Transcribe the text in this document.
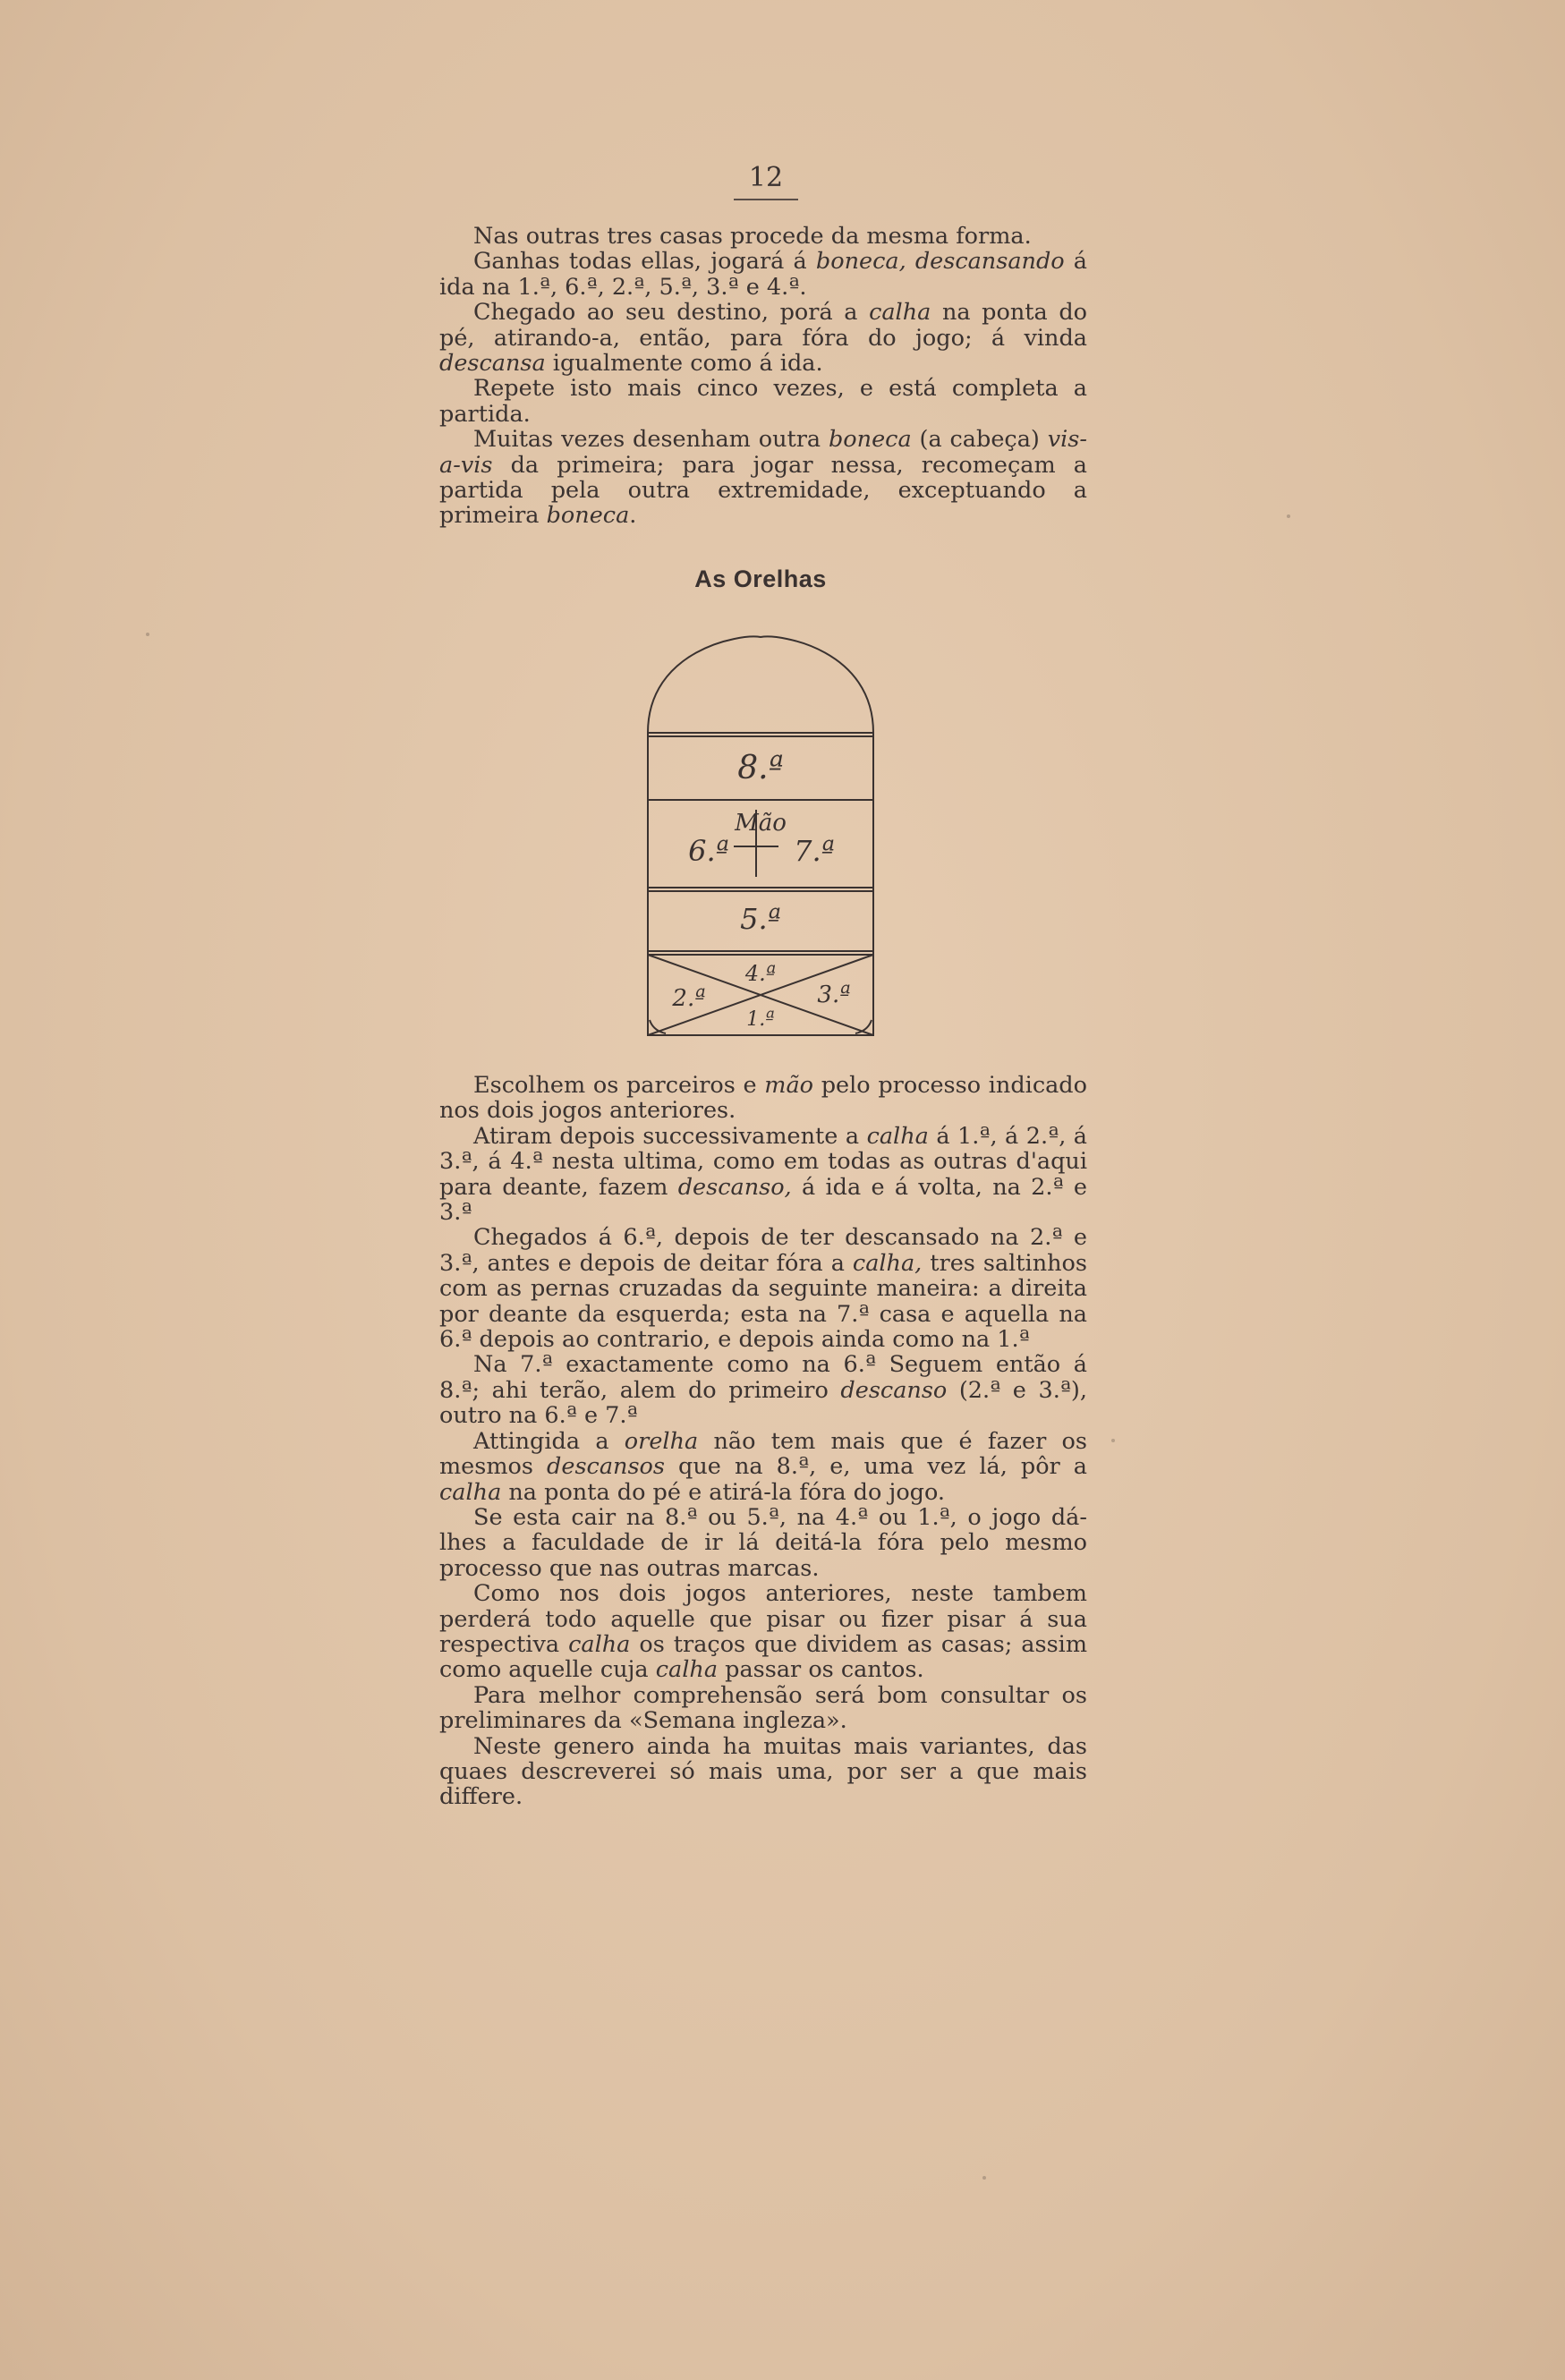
12

Nas outras tres casas procede da mesma forma.

Ganhas todas ellas, jogará á boneca, descansando á ida na 1.ª, 6.ª, 2.ª, 5.ª, 3.ª e 4.ª.

Chegado ao seu destino, porá a calha na ponta do pé, atirando-a, então, para fóra do jogo; á vinda descansa igualmente como á ida.

Repete isto mais cinco vezes, e está completa a partida.

Muitas vezes desenham outra boneca (a cabeça) vis-a-vis da primeira; para jogar nessa, recomeçam a partida pela outra extremidade, exceptuando a primeira boneca.

As Orelhas
8.ª
Mão
6.ª 7.ª
5.ª
4.ª
2.ª	3.ª
1.ª

Escolhem os parceiros e mão pelo processo indicado nos dois jogos anteriores.

Atiram depois successivamente a calha á 1.ª, á 2.ª, á 3.ª, á 4.ª nesta ultima, como em todas as outras d'aqui para deante, fazem descanso, á ida e á volta, na 2.ª e 3.ª

Chegados á 6.ª, depois de ter descansado na 2.ª e 3.ª, antes e depois de deitar fóra a calha, tres saltinhos com as pernas cruzadas da seguinte maneira: a direita por deante da esquerda; esta na 7.ª casa e aquella na 6.ª depois ao contrario, e depois ainda como na 1.ª

Na 7.ª exactamente como na 6.ª Seguem então á 8.ª; ahi terão, alem do primeiro descanso (2.ª e 3.ª), outro na 6.ª e 7.ª

Attingida a orelha não tem mais que é fazer os mesmos descansos que na 8.ª, e, uma vez lá, pôr a calha na ponta do pé e atirá-la fóra do jogo.

Se esta cair na 8.ª ou 5.ª, na 4.ª ou 1.ª, o jogo dá-lhes a faculdade de ir lá deitá-la fóra pelo mesmo processo que nas outras marcas.

Como nos dois jogos anteriores, neste tambem perderá todo aquelle que pisar ou fizer pisar á sua respectiva calha os traços que dividem as casas; assim como aquelle cuja calha passar os cantos.

Para melhor comprehensão será bom consultar os preliminares da «Semana ingleza».

Neste genero ainda ha muitas mais variantes, das quaes descreverei só mais uma, por ser a que mais differe.
